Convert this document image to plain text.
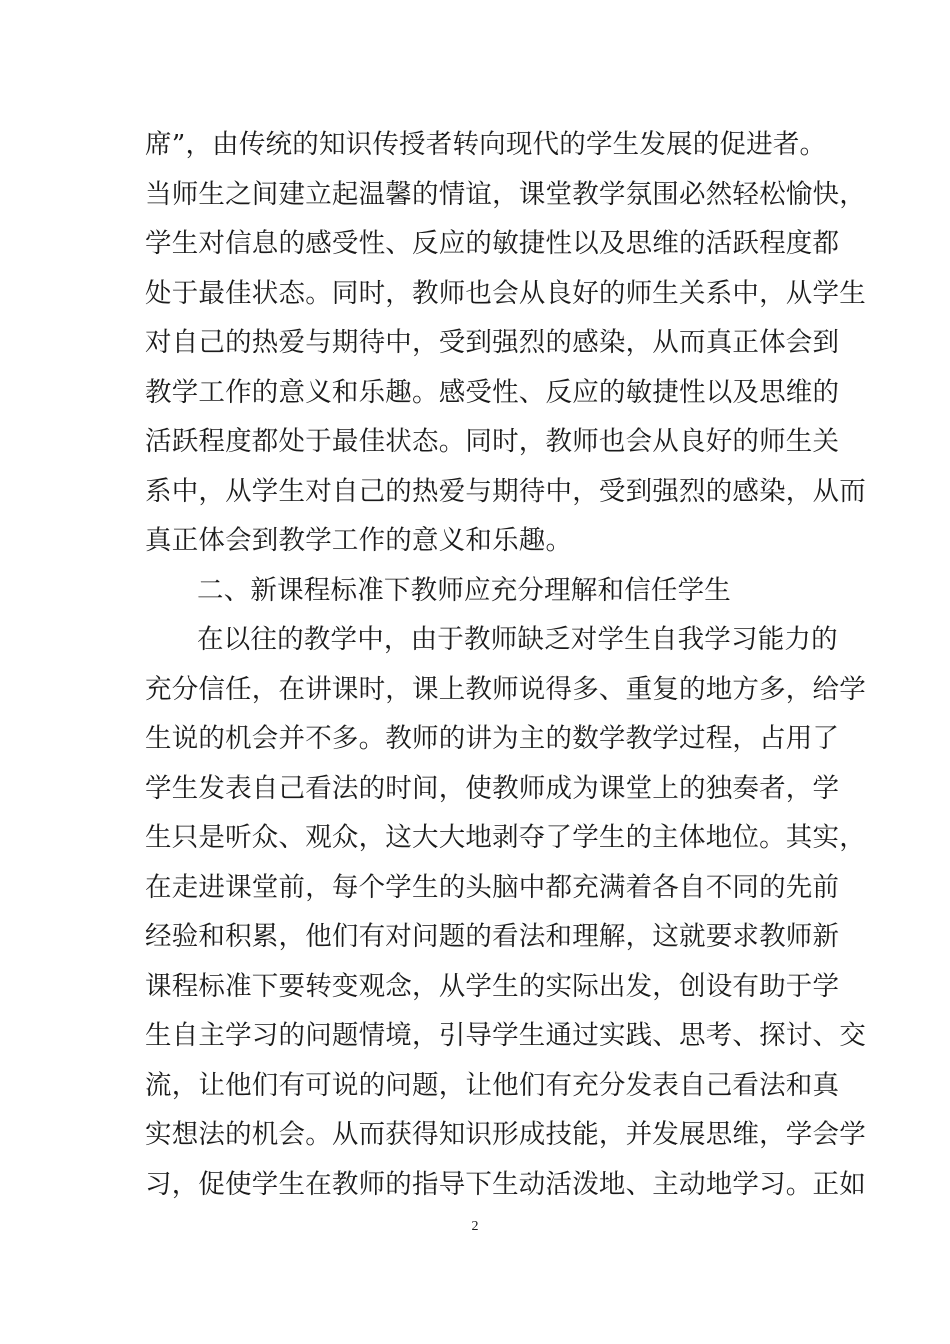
席”，由传统的知识传授者转向现代的学生发展的促进者。
当师生之间建立起温馨的情谊，课堂教学氛围必然轻松愉快，
学生对信息的感受性、反应的敏捷性以及思维的活跃程度都
处于最佳状态。同时，教师也会从良好的师生关系中，从学生
对自己的热爱与期待中，受到强烈的感染，从而真正体会到
教学工作的意义和乐趣。感受性、反应的敏捷性以及思维的
活跃程度都处于最佳状态。同时，教师也会从良好的师生关
系中，从学生对自己的热爱与期待中，受到强烈的感染，从而
真正体会到教学工作的意义和乐趣。
二、新课程标准下教师应充分理解和信任学生
在以往的教学中，由于教师缺乏对学生自我学习能力的
充分信任，在讲课时，课上教师说得多、重复的地方多，给学
生说的机会并不多。教师的讲为主的数学教学过程，占用了
学生发表自己看法的时间，使教师成为课堂上的独奏者，学
生只是听众、观众，这大大地剥夺了学生的主体地位。其实，
在走进课堂前，每个学生的头脑中都充满着各自不同的先前
经验和积累，他们有对问题的看法和理解，这就要求教师新
课程标准下要转变观念，从学生的实际出发，创设有助于学
生自主学习的问题情境，引导学生通过实践、思考、探讨、交
流，让他们有可说的问题，让他们有充分发表自己看法和真
实想法的机会。从而获得知识形成技能，并发展思维，学会学
习，促使学生在教师的指导下生动活泼地、主动地学习。正如
2
